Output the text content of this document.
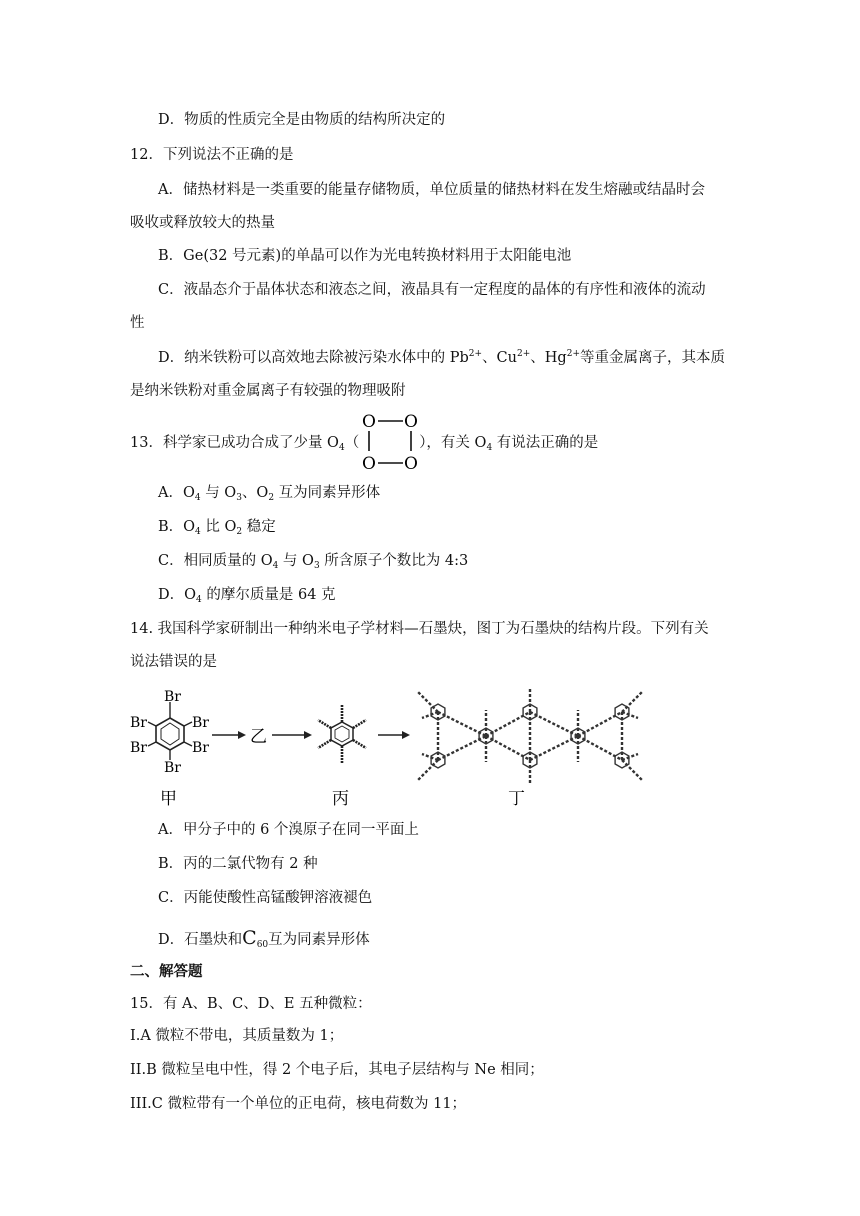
D．物质的性质完全是由物质的结构所决定的
12．下列说法不正确的是
A．储热材料是一类重要的能量存储物质，单位质量的储热材料在发生熔融或结晶时会
吸收或释放较大的热量
B．Ge(32 号元素)的单晶可以作为光电转换材料用于太阳能电池
C．液晶态介于晶体状态和液态之间，液晶具有一定程度的晶体的有序性和液体的流动
性
D．纳米铁粉可以高效地去除被污染水体中的 $Pb^{2+}$、$Cu^{2+}$、$Hg^{2+}$等重金属离子，其本质
是纳米铁粉对重金属离子有较强的物理吸附
13．科学家已成功合成了少量 $O_4$（	），有关 $O_4$ 有说法正确的是
O O
O O
A．$O_4$ 与 $O_3$、$O_2$ 互为同素异形体
B．$O_4$ 比 $O_2$ 稳定
C．相同质量的 $O_4$ 与 $O_3$ 所含原子个数比为 4:3
D．$O_4$ 的摩尔质量是 64 克
14. 我国科学家研制出一种纳米电子学材料—石墨炔，图丁为石墨炔的结构片段。下列有关
说法错误的是
Br
Br
Br
Br
Br
Br
乙
甲	丙	丁
A．甲分子中的 6 个溴原子在同一平面上
B．丙的二氯代物有 2 种
C．丙能使酸性高锰酸钾溶液褪色
D．石墨炔和$C_{60}$互为同素异形体
二、解答题
15．有 A、B、C、D、E 五种微粒：
I.A 微粒不带电，其质量数为 1；
II.B 微粒呈电中性，得 2 个电子后，其电子层结构与 Ne 相同；
III.C 微粒带有一个单位的正电荷，核电荷数为 11；
